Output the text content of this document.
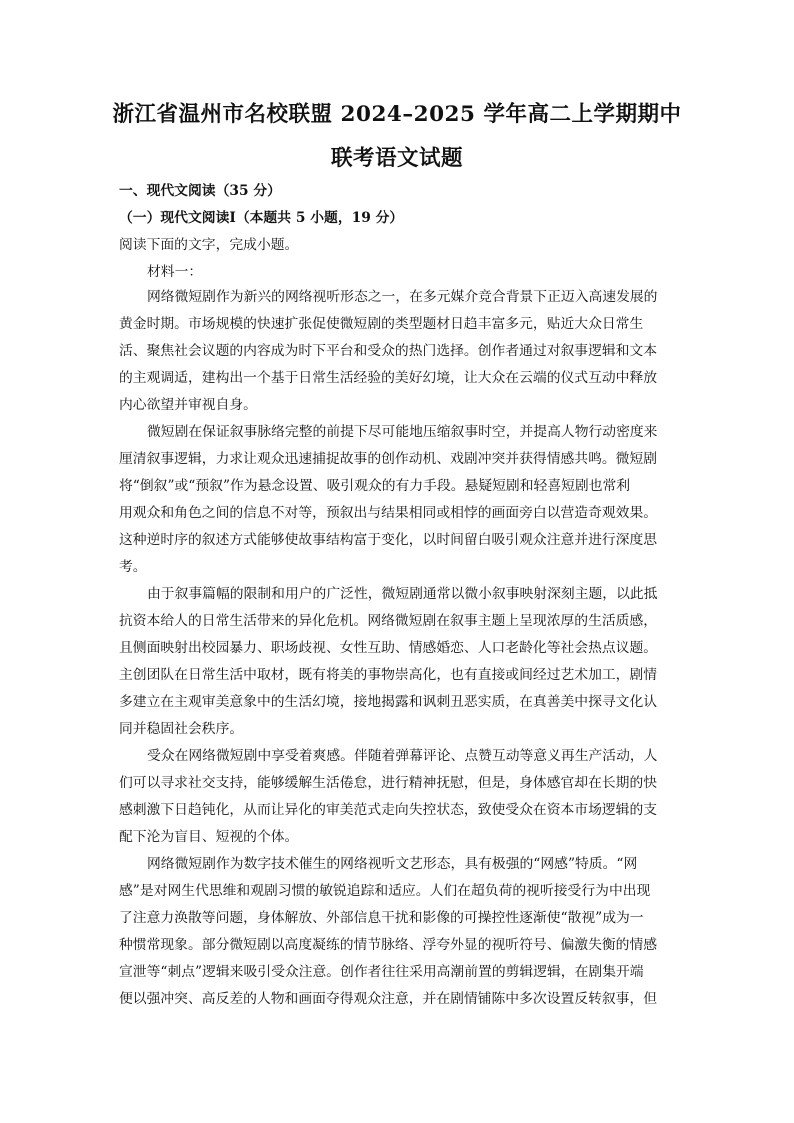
浙江省温州市名校联盟 2024–2025 学年高二上学期期中
联考语文试题
一、现代文阅读（35 分）
（一）现代文阅读Ⅰ（本题共 5 小题，19 分）
阅读下面的文字，完成小题。
材料一：
网络微短剧作为新兴的网络视听形态之一，在多元媒介竞合背景下正迈入高速发展的
黄金时期。市场规模的快速扩张促使微短剧的类型题材日趋丰富多元，贴近大众日常生
活、聚焦社会议题的内容成为时下平台和受众的热门选择。创作者通过对叙事逻辑和文本
的主观调适，建构出一个基于日常生活经验的美好幻境，让大众在云端的仪式互动中释放
内心欲望并审视自身。
微短剧在保证叙事脉络完整的前提下尽可能地压缩叙事时空，并提高人物行动密度来
厘清叙事逻辑，力求让观众迅速捕捉故事的创作动机、戏剧冲突并获得情感共鸣。微短剧
将“倒叙”或“预叙”作为悬念设置、吸引观众的有力手段。悬疑短剧和轻喜短剧也常利
用观众和角色之间的信息不对等，预叙出与结果相同或相悖的画面旁白以营造奇观效果。
这种逆时序的叙述方式能够使故事结构富于变化，以时间留白吸引观众注意并进行深度思
考。
由于叙事篇幅的限制和用户的广泛性，微短剧通常以微小叙事映射深刻主题，以此抵
抗资本给人的日常生活带来的异化危机。网络微短剧在叙事主题上呈现浓厚的生活质感，
且侧面映射出校园暴力、职场歧视、女性互助、情感婚恋、人口老龄化等社会热点议题。
主创团队在日常生活中取材，既有将美的事物崇高化，也有直接或间经过艺术加工，剧情
多建立在主观审美意象中的生活幻境，接地揭露和讽刺丑恶实质，在真善美中探寻文化认
同并稳固社会秩序。
受众在网络微短剧中享受着爽感。伴随着弹幕评论、点赞互动等意义再生产活动，人
们可以寻求社交支持，能够缓解生活倦怠，进行精神抚慰，但是，身体感官却在长期的快
感刺激下日趋钝化，从而让异化的审美范式走向失控状态，致使受众在资本市场逻辑的支
配下沦为盲目、短视的个体。
网络微短剧作为数字技术催生的网络视听文艺形态，具有极强的“网感”特质。“网
感”是对网生代思维和观剧习惯的敏锐追踪和适应。人们在超负荷的视听接受行为中出现
了注意力涣散等问题，身体解放、外部信息干扰和影像的可操控性逐渐使“散视”成为一
种惯常现象。部分微短剧以高度凝练的情节脉络、浮夸外显的视听符号、偏激失衡的情感
宣泄等“刺点”逻辑来吸引受众注意。创作者往往采用高潮前置的剪辑逻辑，在剧集开端
便以强冲突、高反差的人物和画面夺得观众注意，并在剧情铺陈中多次设置反转叙事，但
